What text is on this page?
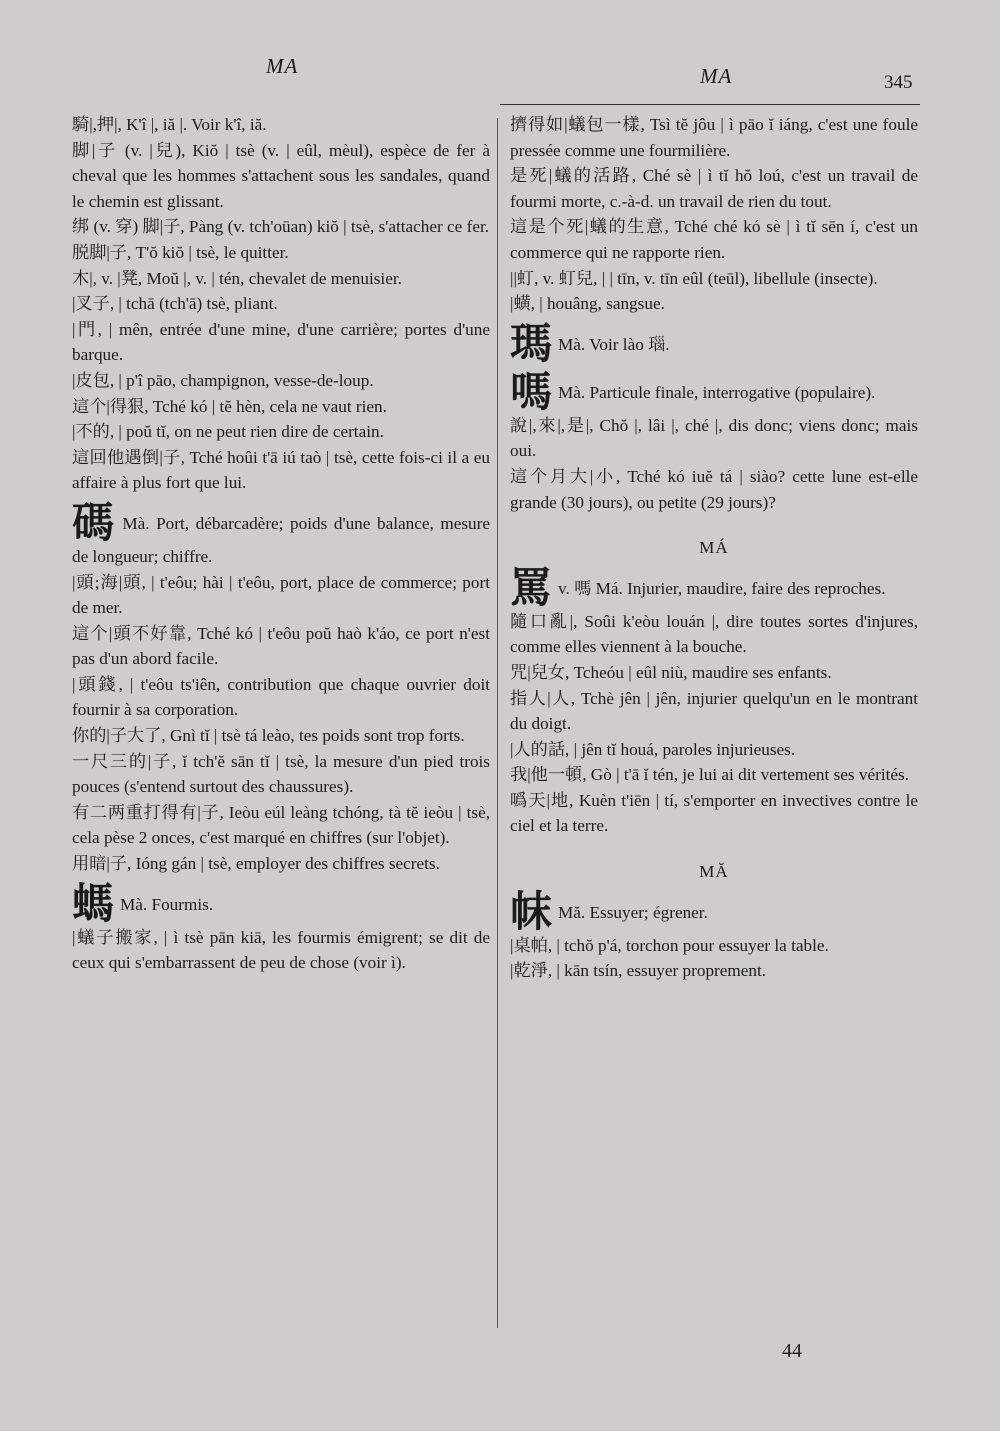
MA	MA	345

騎|,押|, K'î |, iă |. Voir k'î, iă.

脚|子 (v. |兒), Kiŏ | tsè (v. | eûl, mèul), espèce de fer à cheval que les hommes s'attachent sous les sandales, quand le chemin est glissant.

绑 (v. 穿) 脚|子, Pàng (v. tch'oūan) kiŏ | tsè, s'attacher ce fer.

脱脚|子, T'ŏ kiŏ | tsè, le quitter.

木|, v. |凳, Moŭ |, v. | tén, chevalet de menuisier.

|叉子, | tchā (tch'ā) tsè, pliant.

|門, | mên, entrée d'une mine, d'une carrière; portes d'une barque.

|皮包, | p'î pāo, champignon, vesse-de-loup.

這个|得狠, Tché kó | tĕ hèn, cela ne vaut rien.

|不的, | poŭ tĭ, on ne peut rien dire de certain.

這回他遇倒|子, Tché hoûi t'ā iú taò | tsè, cette fois-ci il a eu affaire à plus fort que lui.

碼 Mà. Port, débarcadère; poids d'une balance, mesure de longueur; chiffre.

|頭;海|頭, | t'eôu; hài | t'eôu, port, place de commerce; port de mer.

這个|頭不好靠, Tché kó | t'eôu poŭ haò k'áo, ce port n'est pas d'un abord facile.

|頭錢, | t'eôu ts'iên, contribution que chaque ouvrier doit fournir à sa corporation.

你的|子大了, Gnì tĭ | tsè tá leào, tes poids sont trop forts.

一尺三的|子, ĭ tch'ĕ sān tĭ | tsè, la mesure d'un pied trois pouces (s'entend surtout des chaussures).

有二两重打得有|子, Ieòu eúl leàng tchóng, tà tĕ ieòu | tsè, cela pèse 2 onces, c'est marqué en chiffres (sur l'objet).

用暗|子, Ióng gán | tsè, employer des chiffres secrets.

螞 Mà. Fourmis.

|蟻子搬家, | ì tsè pān kiā, les fourmis émigrent; se dit de ceux qui s'embarrassent de peu de chose (voir ì).

擠得如|蟻包一樣, Tsì tĕ jôu | ì pāo ĭ iáng, c'est une foule pressée comme une fourmilière.

是死|蟻的活路, Ché sè | ì tĭ hŏ loú, c'est un travail de fourmi morte, c.-à-d. un travail de rien du tout.

這是个死|蟻的生意, Tché ché kó sè | ì tĭ sēn í, c'est un commerce qui ne rapporte rien.

||虰, v. 虰兒, | | tīn, v. tīn eûl (teūl), libellule (insecte).

|蟥, | houâng, sangsue.

瑪 Mà. Voir lào 瑙.

嗎 Mà. Particule finale, interrogative (populaire).

說|,來|,是|, Chŏ |, lâi |, ché |, dis donc; viens donc; mais oui.

這个月大|小, Tché kó iuĕ tá | siào? cette lune est-elle grande (30 jours), ou petite (29 jours)?

MÁ

罵v. 嗎 Má. Injurier, maudire, faire des reproches.

隨口亂|, Soûi k'eòu louán |, dire toutes sortes d'injures, comme elles viennent à la bouche.

咒|兒女, Tcheóu | eûl niù, maudire ses enfants.

指人|人, Tchè jên | jên, injurier quelqu'un en le montrant du doigt.

|人的話, | jên tĭ houá, paroles injurieuses.

我|他一頓, Gò | t'ā ĭ tén, je lui ai dit vertement ses vérités.

噅天|地, Kuèn t'iēn | tí, s'emporter en invectives contre le ciel et la terre.

MĂ

帓 Mă. Essuyer; égrener.

|桌帕, | tchŏ p'á, torchon pour essuyer la table.

|乾淨, | kān tsín, essuyer proprement.

44
